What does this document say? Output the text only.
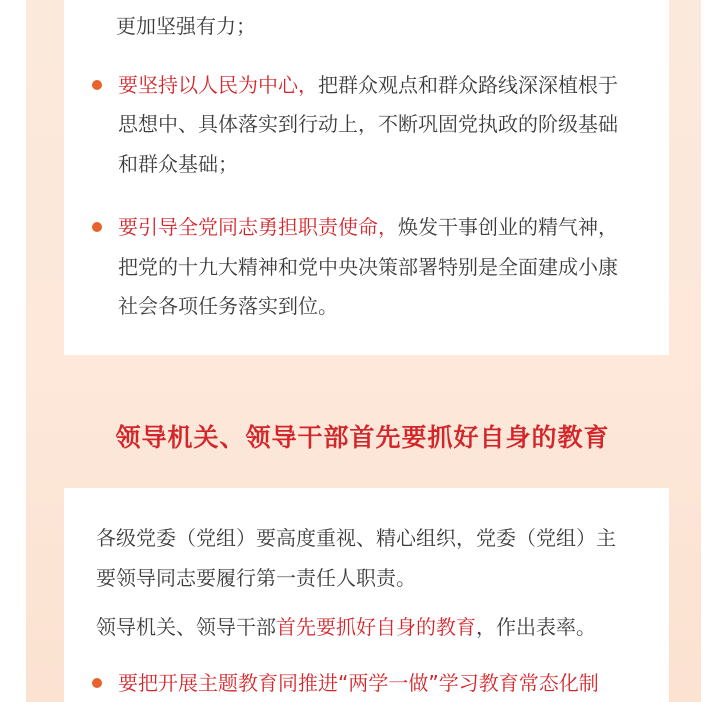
更加坚强有力；
要坚持以人民为中心，把群众观点和群众路线深深植根于
思想中、具体落实到行动上，不断巩固党执政的阶级基础
和群众基础；
要引导全党同志勇担职责使命，焕发干事创业的精气神，
把党的十九大精神和党中央决策部署特别是全面建成小康
社会各项任务落实到位。
领导机关、领导干部首先要抓好自身的教育
各级党委（党组）要高度重视、精心组织，党委（党组）主
要领导同志要履行第一责任人职责。
领导机关、领导干部首先要抓好自身的教育，作出表率。
要把开展主题教育同推进“两学一做”学习教育常态化制
